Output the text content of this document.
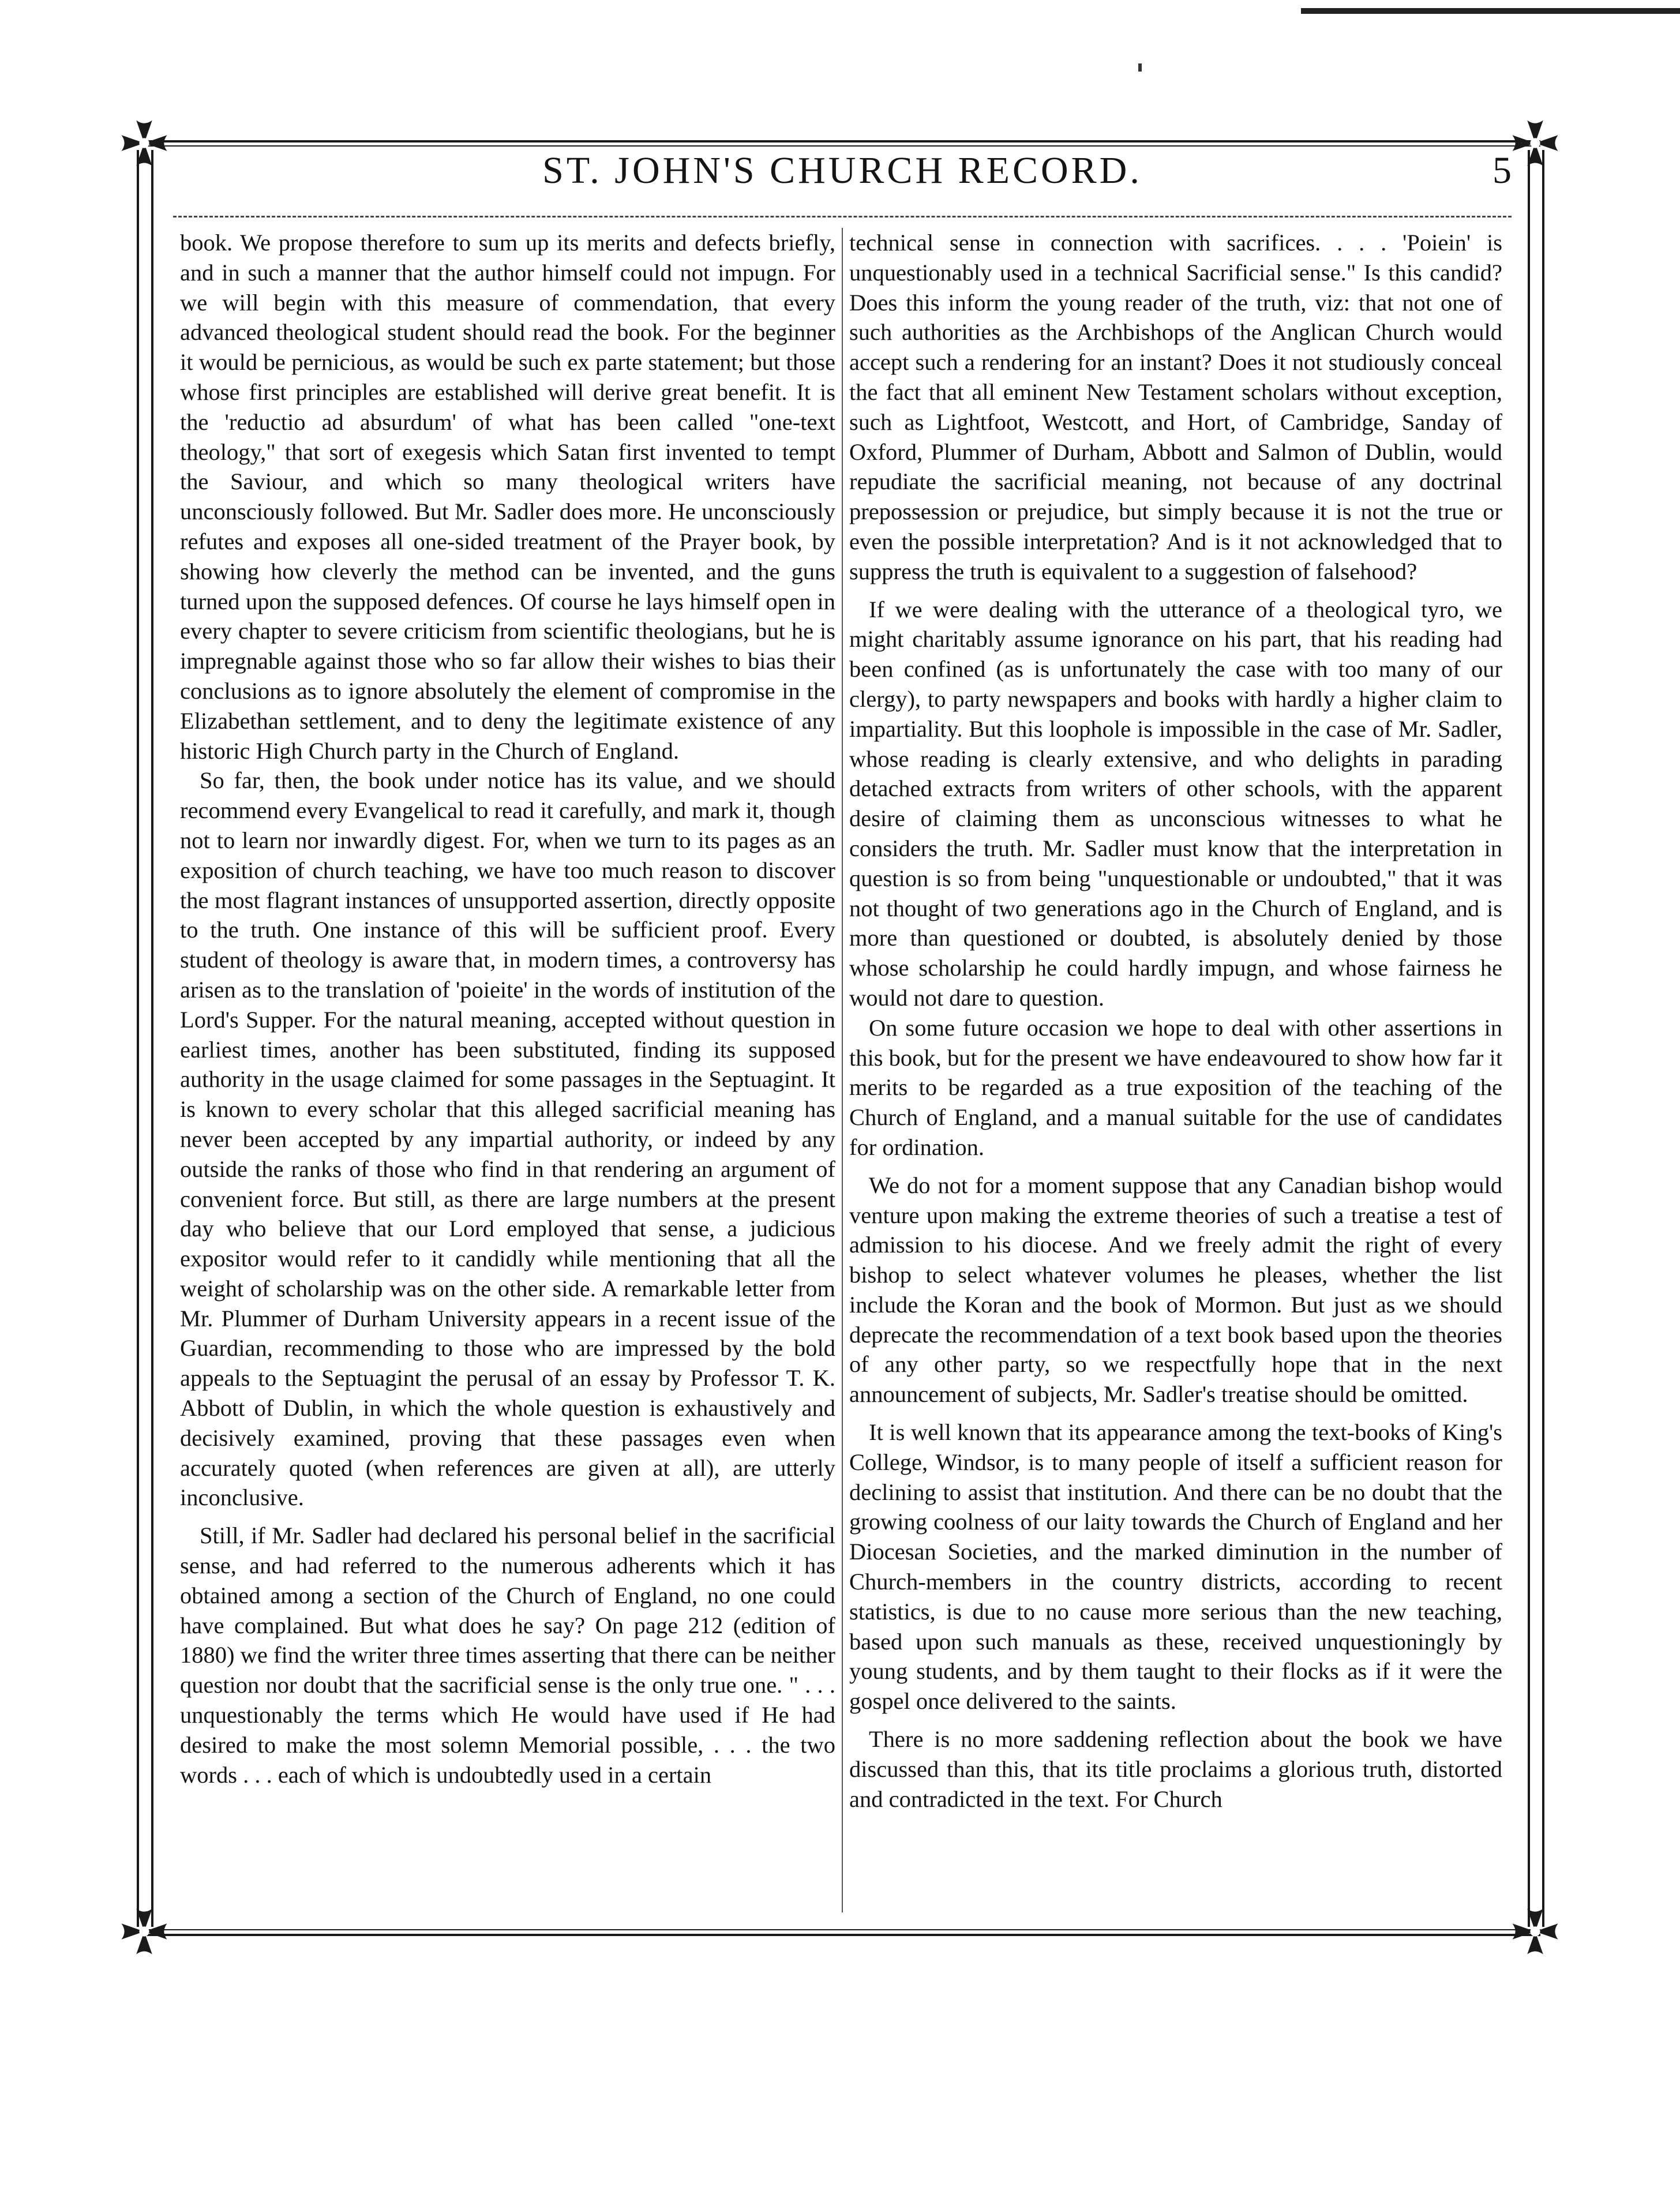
ST. JOHN'S CHURCH RECORD.	5

book. We propose therefore to sum up its merits and defects briefly, and in such a manner that the author himself could not impugn. For we will begin with this measure of commendation, that every advanced theological student should read the book. For the beginner it would be pernicious, as would be such ex parte statement; but those whose first principles are established will derive great benefit. It is the 'reductio ad absurdum' of what has been called "one-text theology," that sort of exegesis which Satan first invented to tempt the Saviour, and which so many theological writers have unconsciously followed. But Mr. Sadler does more. He unconsciously refutes and exposes all one-sided treatment of the Prayer book, by showing how cleverly the method can be invented, and the guns turned upon the supposed defences. Of course he lays himself open in every chapter to severe criticism from scientific theologians, but he is impregnable against those who so far allow their wishes to bias their conclusions as to ignore absolutely the element of compromise in the Elizabethan settlement, and to deny the legitimate existence of any historic High Church party in the Church of England.

So far, then, the book under notice has its value, and we should recommend every Evangelical to read it carefully, and mark it, though not to learn nor inwardly digest. For, when we turn to its pages as an exposition of church teaching, we have too much reason to discover the most flagrant instances of unsupported assertion, directly opposite to the truth. One instance of this will be sufficient proof. Every student of theology is aware that, in modern times, a controversy has arisen as to the translation of 'poieite' in the words of institution of the Lord's Supper. For the natural meaning, accepted without question in earliest times, another has been substituted, finding its supposed authority in the usage claimed for some passages in the Septuagint. It is known to every scholar that this alleged sacrificial meaning has never been accepted by any impartial authority, or indeed by any outside the ranks of those who find in that rendering an argument of convenient force. But still, as there are large numbers at the present day who believe that our Lord employed that sense, a judicious expositor would refer to it candidly while mentioning that all the weight of scholarship was on the other side. A remarkable letter from Mr. Plummer of Durham University appears in a recent issue of the Guardian, recommending to those who are impressed by the bold appeals to the Septuagint the perusal of an essay by Professor T. K. Abbott of Dublin, in which the whole question is exhaustively and decisively examined, proving that these passages even when accurately quoted (when references are given at all), are utterly inconclusive.

Still, if Mr. Sadler had declared his personal belief in the sacrificial sense, and had referred to the numerous adherents which it has obtained among a section of the Church of England, no one could have complained. But what does he say? On page 212 (edition of 1880) we find the writer three times asserting that there can be neither question nor doubt that the sacrificial sense is the only true one. " . . . unquestionably the terms which He would have used if He had desired to make the most solemn Memorial possible, . . . the two words . . . each of which is undoubtedly used in a certain

technical sense in connection with sacrifices. . . . 'Poiein' is unquestionably used in a technical Sacrificial sense." Is this candid? Does this inform the young reader of the truth, viz: that not one of such authorities as the Archbishops of the Anglican Church would accept such a rendering for an instant? Does it not studiously conceal the fact that all eminent New Testament scholars without exception, such as Lightfoot, Westcott, and Hort, of Cambridge, Sanday of Oxford, Plummer of Durham, Abbott and Salmon of Dublin, would repudiate the sacrificial meaning, not because of any doctrinal prepossession or prejudice, but simply because it is not the true or even the possible interpretation? And is it not acknowledged that to suppress the truth is equivalent to a suggestion of falsehood?

If we were dealing with the utterance of a theological tyro, we might charitably assume ignorance on his part, that his reading had been confined (as is unfortunately the case with too many of our clergy), to party newspapers and books with hardly a higher claim to impartiality. But this loophole is impossible in the case of Mr. Sadler, whose reading is clearly extensive, and who delights in parading detached extracts from writers of other schools, with the apparent desire of claiming them as unconscious witnesses to what he considers the truth. Mr. Sadler must know that the interpretation in question is so from being "unquestionable or undoubted," that it was not thought of two generations ago in the Church of England, and is more than questioned or doubted, is absolutely denied by those whose scholarship he could hardly impugn, and whose fairness he would not dare to question.

On some future occasion we hope to deal with other assertions in this book, but for the present we have endeavoured to show how far it merits to be regarded as a true exposition of the teaching of the Church of England, and a manual suitable for the use of candidates for ordination.

We do not for a moment suppose that any Canadian bishop would venture upon making the extreme theories of such a treatise a test of admission to his diocese. And we freely admit the right of every bishop to select whatever volumes he pleases, whether the list include the Koran and the book of Mormon. But just as we should deprecate the recommendation of a text book based upon the theories of any other party, so we respectfully hope that in the next announcement of subjects, Mr. Sadler's treatise should be omitted.

It is well known that its appearance among the text-books of King's College, Windsor, is to many people of itself a sufficient reason for declining to assist that institution. And there can be no doubt that the growing coolness of our laity towards the Church of England and her Diocesan Societies, and the marked diminution in the number of Church-members in the country districts, according to recent statistics, is due to no cause more serious than the new teaching, based upon such manuals as these, received unquestioningly by young students, and by them taught to their flocks as if it were the gospel once delivered to the saints.

There is no more saddening reflection about the book we have discussed than this, that its title proclaims a glorious truth, distorted and contradicted in the text. For Church
